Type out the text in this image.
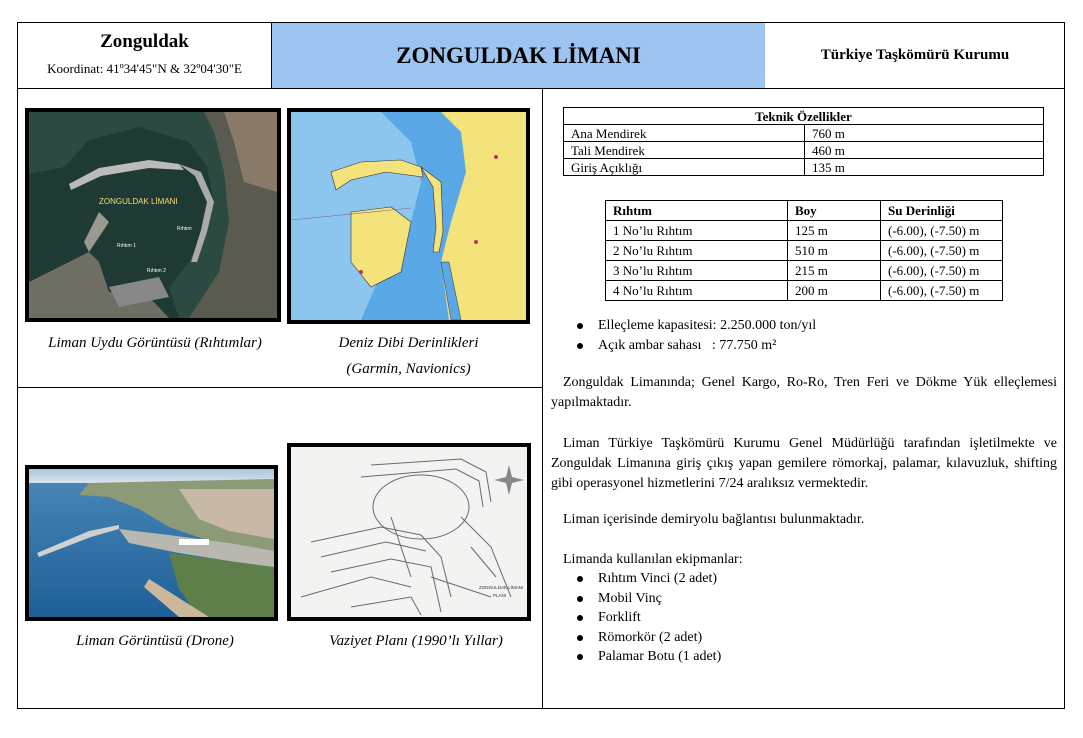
Zonguldak
Koordinat: 41º34'45"N & 32º04'30"E
ZONGULDAK LİMANI	Türkiye Taşkömürü Kurumu
ZONGULDAK LİMANI
Rıhtım 1
Rıhtım 2
Rıhtım
Liman Uydu Görüntüsü (Rıhtımlar)	Deniz Dibi Derinlikleri
(Garmin, Navionics)
Liman Görüntüsü (Drone)
ZONGULDAK LİMANI
PLANI
Vaziyet Planı (1990’lı Yıllar)
Teknik Özellikler	
Ana Mendirek	760 m
Tali Mendirek	460 m
Giriş Açıklığı	135 m
Rıhtım	Boy	Su Derinliği
1 No’lu Rıhtım	125 m	(-6.00), (-7.50) m
2 No’lu Rıhtım	510 m	(-6.00), (-7.50) m
3 No’lu Rıhtım	215 m	(-6.00), (-7.50) m
4 No’lu Rıhtım	200 m	(-6.00), (-7.50) m
Elleçleme kapasitesi: 2.250.000 ton/yıl
Açık ambar sahası   : 77.750 m²
Zonguldak Limanında; Genel Kargo, Ro-Ro, Tren Feri ve Dökme Yük elleçlemesi yapılmaktadır.
Liman Türkiye Taşkömürü Kurumu Genel Müdürlüğü tarafından işletilmekte ve Zonguldak Limanına giriş çıkış yapan gemilere römorkaj, palamar, kılavuzluk, shifting gibi operasyonel hizmetlerini 7/24 aralıksız vermektedir.
Liman içerisinde demiryolu bağlantısı bulunmaktadır.
Limanda kullanılan ekipmanlar:
Rıhtım Vinci (2 adet)
Mobil Vinç
Forklift
Römorkör (2 adet)
Palamar Botu (1 adet)
